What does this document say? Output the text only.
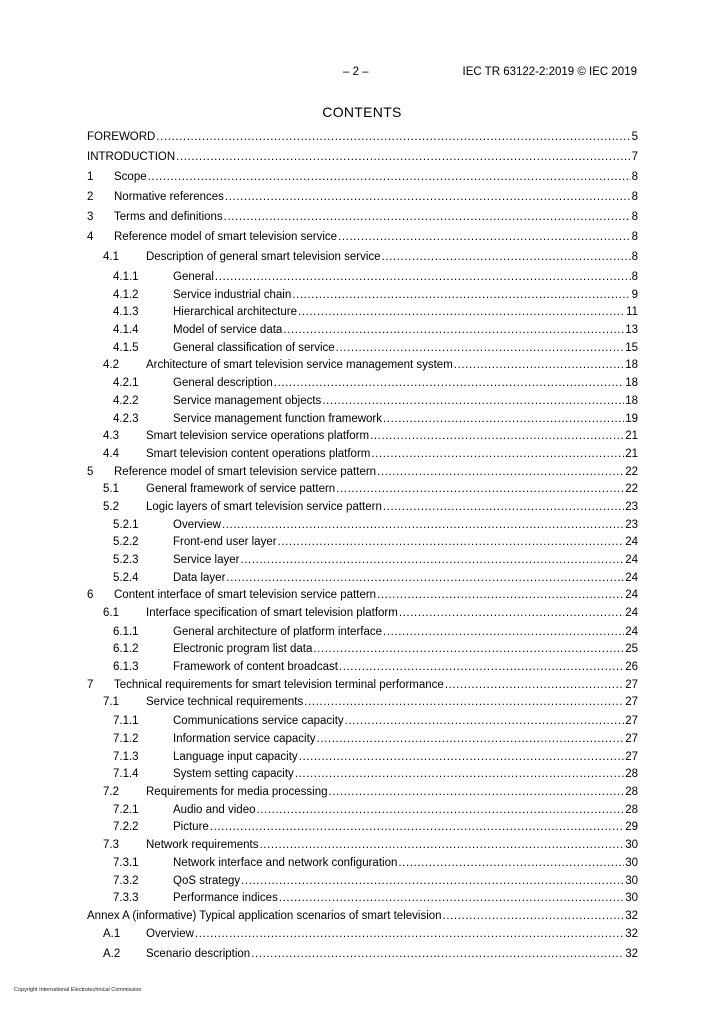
– 2 –	IEC TR 63122-2:2019 © IEC 2019
CONTENTS
FOREWORD .....	5
INTRODUCTION .....	7
1	Scope .....	8
2	Normative references .....	8
3	Terms and definitions .....	8
4	Reference model of smart television service .....	8
4.1	Description of general smart television service .....	8
4.1.1	General .....	8
4.1.2	Service industrial chain .....	9
4.1.3	Hierarchical architecture .....	11
4.1.4	Model of service data .....	13
4.1.5	General classification of service .....	15
4.2	Architecture of smart television service management system .....	18
4.2.1	General description .....	18
4.2.2	Service management objects .....	18
4.2.3	Service management function framework .....	19
4.3	Smart television service operations platform .....	21
4.4	Smart television content operations platform .....	21
5	Reference model of smart television service pattern .....	22
5.1	General framework of service pattern .....	22
5.2	Logic layers of smart television service pattern .....	23
5.2.1	Overview .....	23
5.2.2	Front-end user layer .....	24
5.2.3	Service layer .....	24
5.2.4	Data layer .....	24
6	Content interface of smart television service pattern .....	24
6.1	Interface specification of smart television platform .....	24
6.1.1	General architecture of platform interface .....	24
6.1.2	Electronic program list data .....	25
6.1.3	Framework of content broadcast .....	26
7	Technical requirements for smart television terminal performance .....	27
7.1	Service technical requirements .....	27
7.1.1	Communications service capacity .....	27
7.1.2	Information service capacity .....	27
7.1.3	Language input capacity .....	27
7.1.4	System setting capacity .....	28
7.2	Requirements for media processing .....	28
7.2.1	Audio and video .....	28
7.2.2	Picture .....	29
7.3	Network requirements .....	30
7.3.1	Network interface and network configuration .....	30
7.3.2	QoS strategy .....	30
7.3.3	Performance indices .....	30
Annex A (informative) Typical application scenarios of smart television .....	32
A.1	Overview .....	32
A.2	Scenario description .....	32
Copyright International Electrotechnical Commission
